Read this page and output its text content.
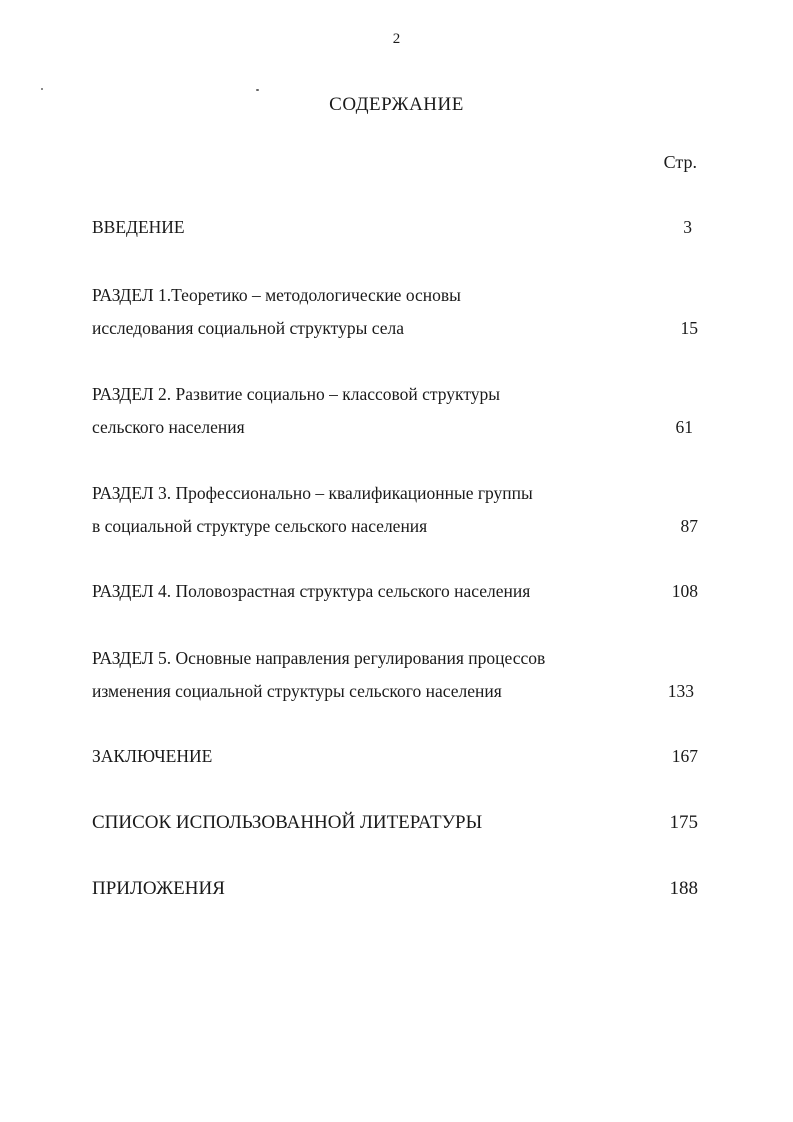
2
СОДЕРЖАНИЕ
Стр.
ВВЕДЕНИЕ	3
РАЗДЕЛ 1.Теоретико – методологические основы
исследования социальной структуры села	15
РАЗДЕЛ 2. Развитие социально – классовой структуры
сельского населения	61
РАЗДЕЛ 3. Профессионально – квалификационные группы
в социальной структуре сельского населения	87
РАЗДЕЛ 4. Половозрастная структура сельского населения	108
РАЗДЕЛ 5. Основные направления регулирования процессов
изменения социальной структуры сельского населения	133
ЗАКЛЮЧЕНИЕ	167
СПИСОК ИСПОЛЬЗОВАННОЙ ЛИТЕРАТУРЫ	175
ПРИЛОЖЕНИЯ	188
